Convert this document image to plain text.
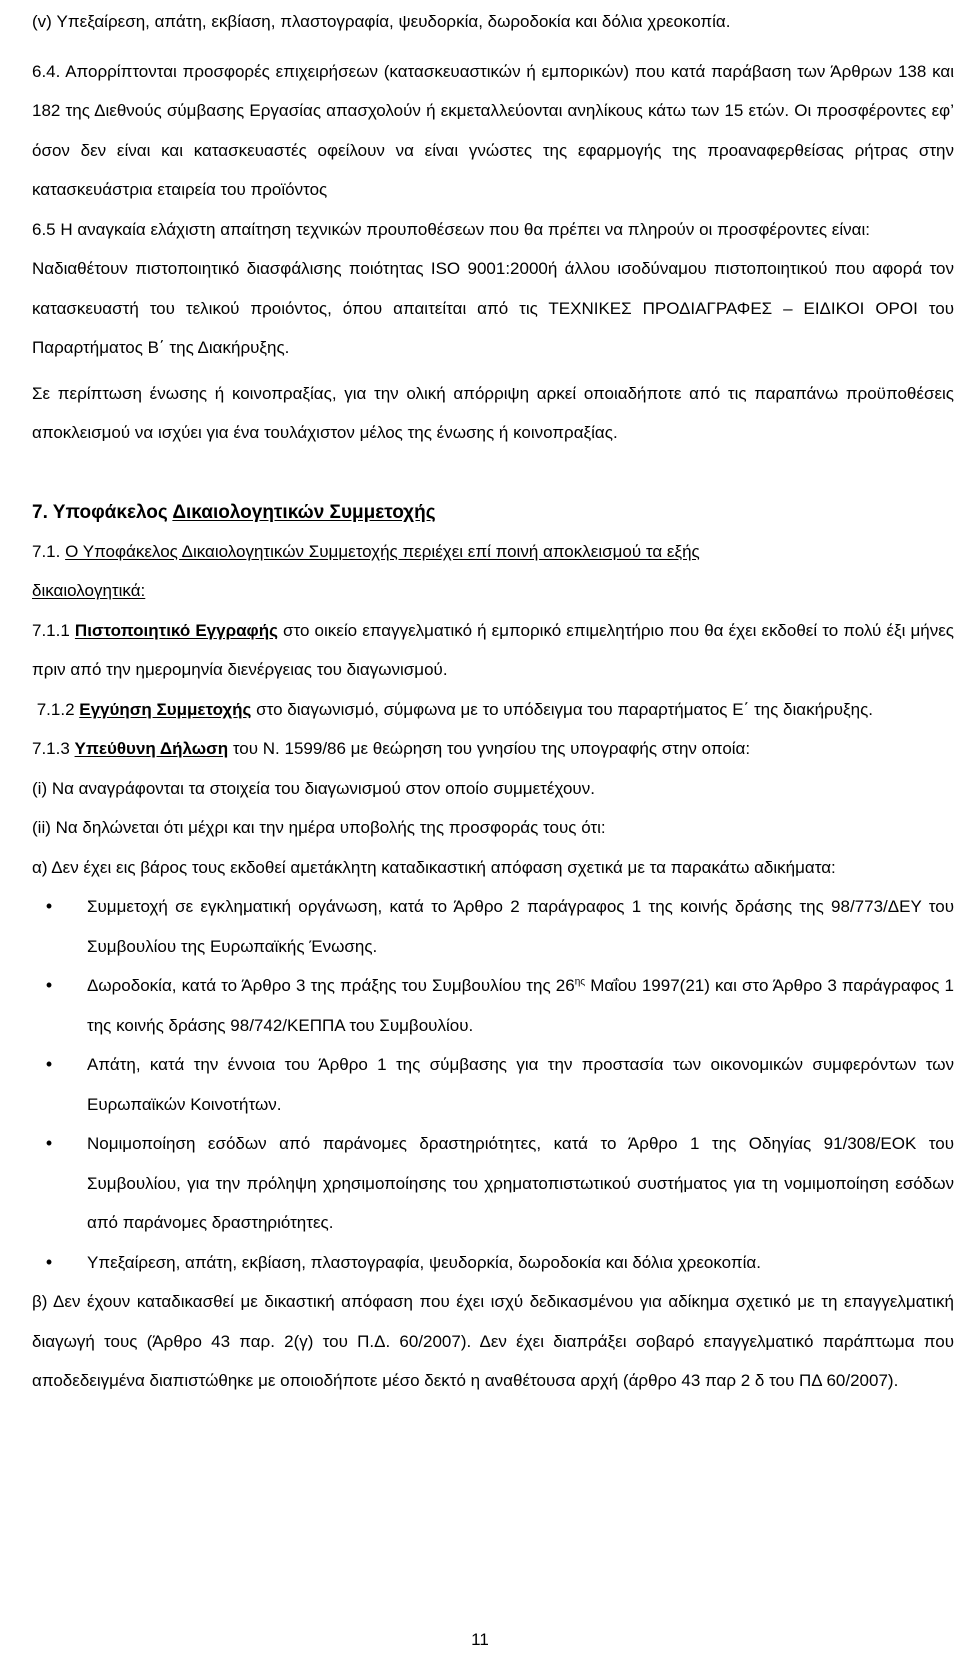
(v) Υπεξαίρεση, απάτη, εκβίαση, πλαστογραφία, ψευδορκία, δωροδοκία και δόλια χρεοκοπία.

6.4. Απορρίπτονται προσφορές επιχειρήσεων (κατασκευαστικών ή εμπορικών) που κατά παράβαση των Άρθρων 138 και 182 της Διεθνούς σύμβασης Εργασίας απασχολούν ή εκμεταλλεύονται ανηλίκους κάτω των 15 ετών. Οι προσφέροντες εφ’ όσον δεν είναι και κατασκευαστές οφείλουν να είναι γνώστες της εφαρμογής της προαναφερθείσας ρήτρας στην κατασκευάστρια εταιρεία του προϊόντος

6.5 Η αναγκαία ελάχιστη απαίτηση τεχνικών προυποθέσεων που θα πρέπει να πληρούν οι προσφέροντες είναι:

Ναδιαθέτουν πιστοποιητικό διασφάλισης ποιότητας ISO 9001:2000ή άλλου ισοδύναμου πιστοποιητικού που αφορά τον κατασκευαστή του τελικού προιόντος, όπου απαιτείται από τις ΤΕΧΝΙΚΕΣ ΠΡΟΔΙΑΓΡΑΦΕΣ – ΕΙΔΙΚΟΙ ΟΡΟΙ του Παραρτήματος Β΄ της Διακήρυξης.

Σε περίπτωση ένωσης ή κοινοπραξίας, για την ολική απόρριψη αρκεί οποιαδήποτε από τις παραπάνω προϋποθέσεις αποκλεισμού να ισχύει για ένα τουλάχιστον μέλος της ένωσης ή κοινοπραξίας.

7. Υποφάκελος Δικαιολογητικών Συμμετοχής

7.1. Ο Υποφάκελος Δικαιολογητικών Συμμετοχής περιέχει επί ποινή αποκλεισμού τα εξής δικαιολογητικά:

7.1.1 Πιστοποιητικό Εγγραφής στο οικείο επαγγελματικό ή εμπορικό επιμελητήριο που θα έχει εκδοθεί το πολύ έξι μήνες πριν από την ημερομηνία διενέργειας του διαγωνισμού.

7.1.2 Εγγύηση Συμμετοχής στο διαγωνισμό, σύμφωνα με το υπόδειγμα του παραρτήματος Ε΄ της διακήρυξης.

7.1.3 Υπεύθυνη Δήλωση του Ν. 1599/86 με θεώρηση του γνησίου της υπογραφής στην οποία:

(i) Να αναγράφονται τα στοιχεία του διαγωνισμού στον οποίο συμμετέχουν.

(ii) Να δηλώνεται ότι μέχρι και την ημέρα υποβολής της προσφοράς τους ότι:

α) Δεν έχει εις βάρος τους εκδοθεί αμετάκλητη καταδικαστική απόφαση σχετικά με τα παρακάτω αδικήματα:

•	Συμμετοχή σε εγκληματική οργάνωση, κατά το Άρθρο 2 παράγραφος 1 της κοινής δράσης της 98/773/ΔΕΥ του Συμβουλίου της Ευρωπαϊκής Ένωσης.

•	Δωροδοκία, κατά το Άρθρο 3 της πράξης του Συμβουλίου της $26^{\eta\varsigma}$ Μαΐου 1997(21) και στο Άρθρο 3 παράγραφος 1 της κοινής δράσης 98/742/ΚΕΠΠΑ του Συμβουλίου.

•	Απάτη, κατά την έννοια του Άρθρο 1 της σύμβασης για την προστασία των οικονομικών συμφερόντων των Ευρωπαϊκών Κοινοτήτων.

•	Νομιμοποίηση εσόδων από παράνομες δραστηριότητες, κατά το Άρθρο 1 της Οδηγίας 91/308/ΕΟΚ του Συμβουλίου, για την πρόληψη χρησιμοποίησης του χρηματοπιστωτικού συστήματος για τη νομιμοποίηση εσόδων από παράνομες δραστηριότητες.

•	Υπεξαίρεση, απάτη, εκβίαση, πλαστογραφία, ψευδορκία, δωροδοκία και δόλια χρεοκοπία.

β) Δεν έχουν καταδικασθεί με δικαστική απόφαση που έχει ισχύ δεδικασμένου για αδίκημα σχετικό με τη επαγγελματική διαγωγή τους (Άρθρο 43 παρ. 2(γ) του Π.Δ. 60/2007). Δεν έχει διαπράξει σοβαρό επαγγελματικό παράπτωμα που αποδεδειγμένα διαπιστώθηκε με οποιοδήποτε μέσο δεκτό η αναθέτουσα αρχή (άρθρο 43 παρ 2 δ του ΠΔ 60/2007).

11
